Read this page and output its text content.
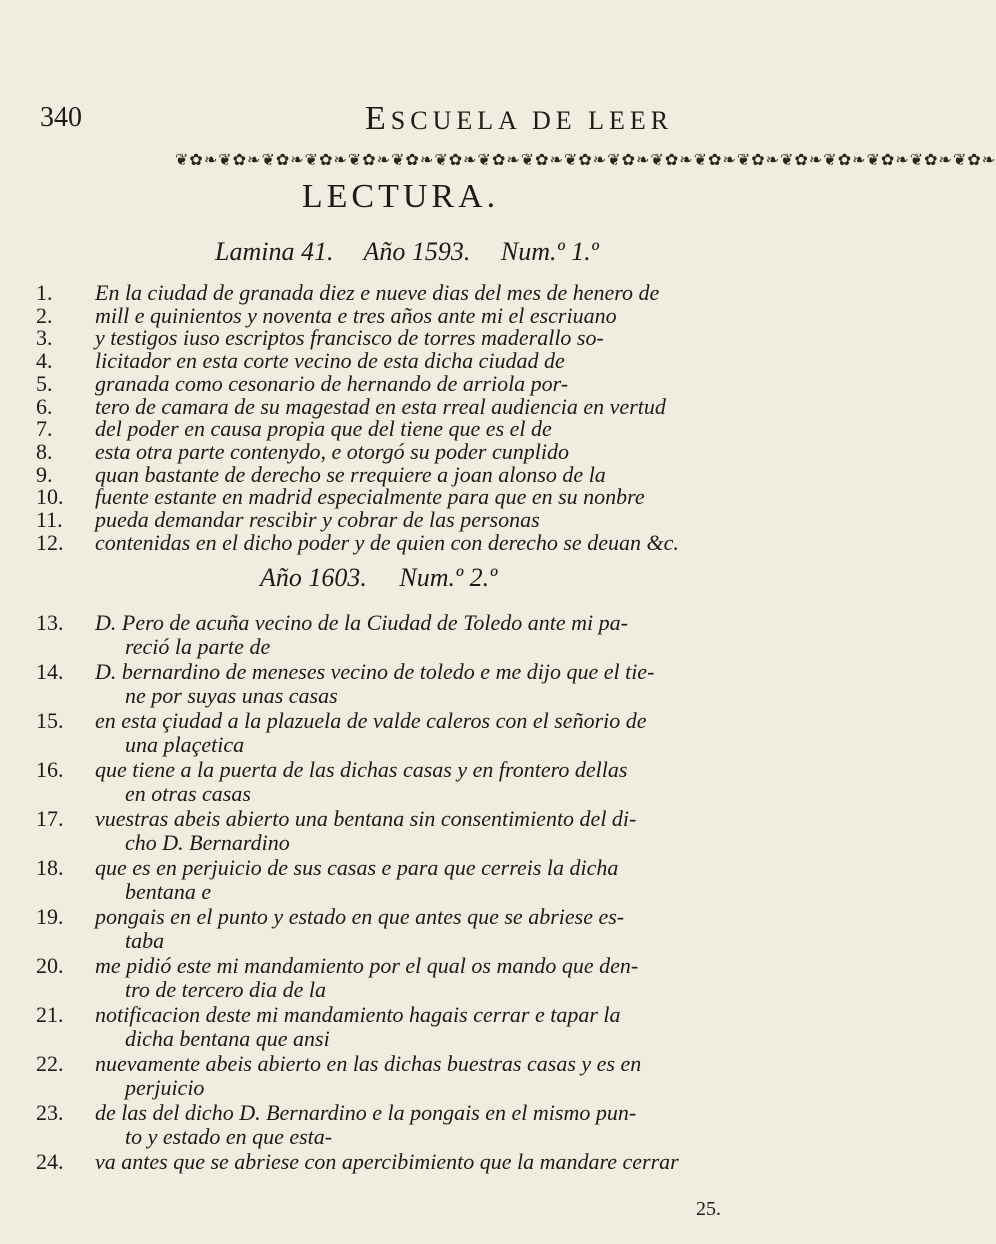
340	ESCUELA DE LEER
❦✿❧❦✿❧❦✿❧❦✿❧❦✿❧❦✿❧❦✿❧❦✿❧❦✿❧❦✿❧❦✿❧❦✿❧❦✿❧❦✿❧❦✿❧❦✿❧❦✿❧❦✿❧❦✿❧
LECTURA.
Lamina 41. Año 1593. Num.º 1.º
1. En la ciudad de granada diez e nueve dias del mes de henero de
2. mill e quinientos y noventa e tres años ante mi el escriuano
3. y testigos iuso escriptos francisco de torres maderallo so-
4. licitador en esta corte vecino de esta dicha ciudad de
5. granada como cesonario de hernando de arriola por-
6. tero de camara de su magestad en esta rreal audiencia en vertud
7. del poder en causa propia que del tiene que es el de
8. esta otra parte contenydo, e otorgó su poder cunplido
9. quan bastante de derecho se rrequiere a joan alonso de la
10. fuente estante en madrid especialmente para que en su nonbre
11. pueda demandar rescibir y cobrar de las personas
12. contenidas en el dicho poder y de quien con derecho se deuan &c.
Año 1603. Num.º 2.º
13. D. Pero de acuña vecino de la Ciudad de Toledo ante mi pa-
reció la parte de
14. D. bernardino de meneses vecino de toledo e me dijo que el tie-
ne por suyas unas casas
15. en esta çiudad a la plazuela de valde caleros con el señorio de
una plaçetica
16. que tiene a la puerta de las dichas casas y en frontero dellas
en otras casas
17. vuestras abeis abierto una bentana sin consentimiento del di-
cho D. Bernardino
18. que es en perjuicio de sus casas e para que cerreis la dicha
bentana e
19. pongais en el punto y estado en que antes que se abriese es-
taba
20. me pidió este mi mandamiento por el qual os mando que den-
tro de tercero dia de la
21. notificacion deste mi mandamiento hagais cerrar e tapar la
dicha bentana que ansi
22. nuevamente abeis abierto en las dichas buestras casas y es en
perjuicio
23. de las del dicho D. Bernardino e la pongais en el mismo pun-
to y estado en que esta-
24. va antes que se abriese con apercibimiento que la mandare cerrar
25.
